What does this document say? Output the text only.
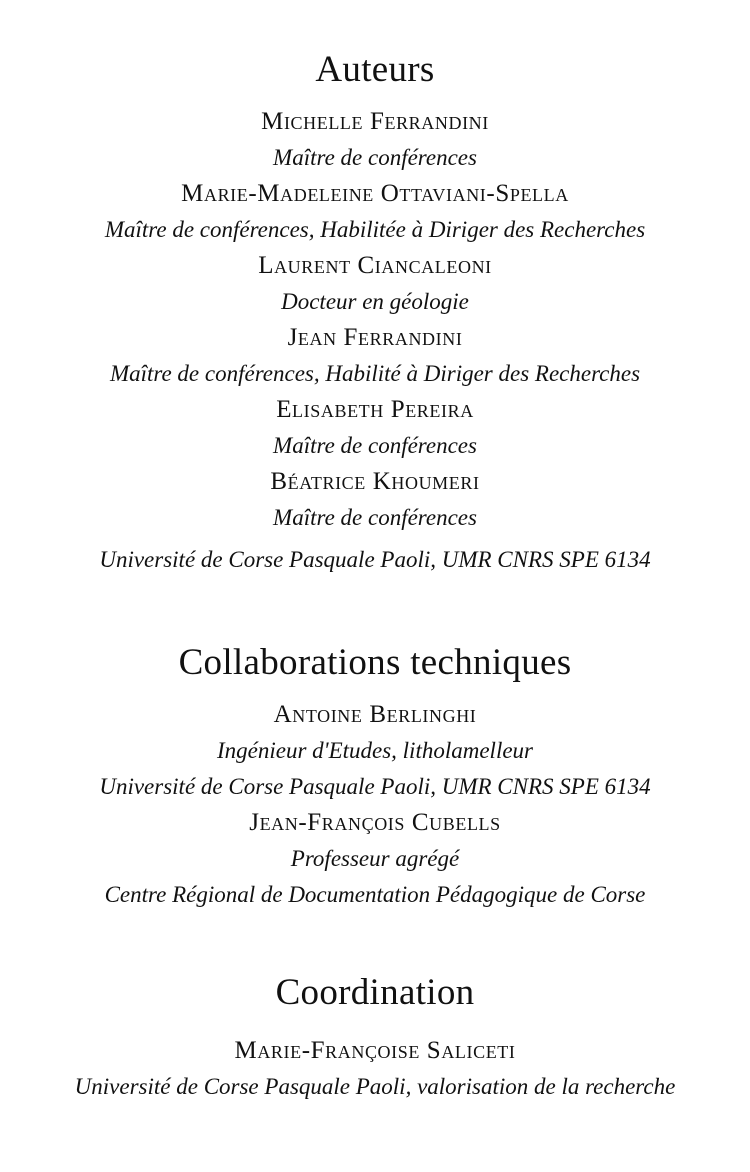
Auteurs
Michelle Ferrandini
Maître de conférences
Marie-Madeleine Ottaviani-Spella
Maître de conférences, Habilitée à Diriger des Recherches
Laurent Ciancaleoni
Docteur en géologie
Jean Ferrandini
Maître de conférences, Habilité à Diriger des Recherches
Elisabeth Pereira
Maître de conférences
Béatrice Khoumeri
Maître de conférences
Université de Corse Pasquale Paoli, UMR CNRS SPE 6134
Collaborations techniques
Antoine Berlinghi
Ingénieur d'Etudes, litholamelleur
Université de Corse Pasquale Paoli, UMR CNRS SPE 6134
Jean-François Cubells
Professeur agrégé
Centre Régional de Documentation Pédagogique de Corse
Coordination
Marie-Françoise Saliceti
Université de Corse Pasquale Paoli, valorisation de la recherche
